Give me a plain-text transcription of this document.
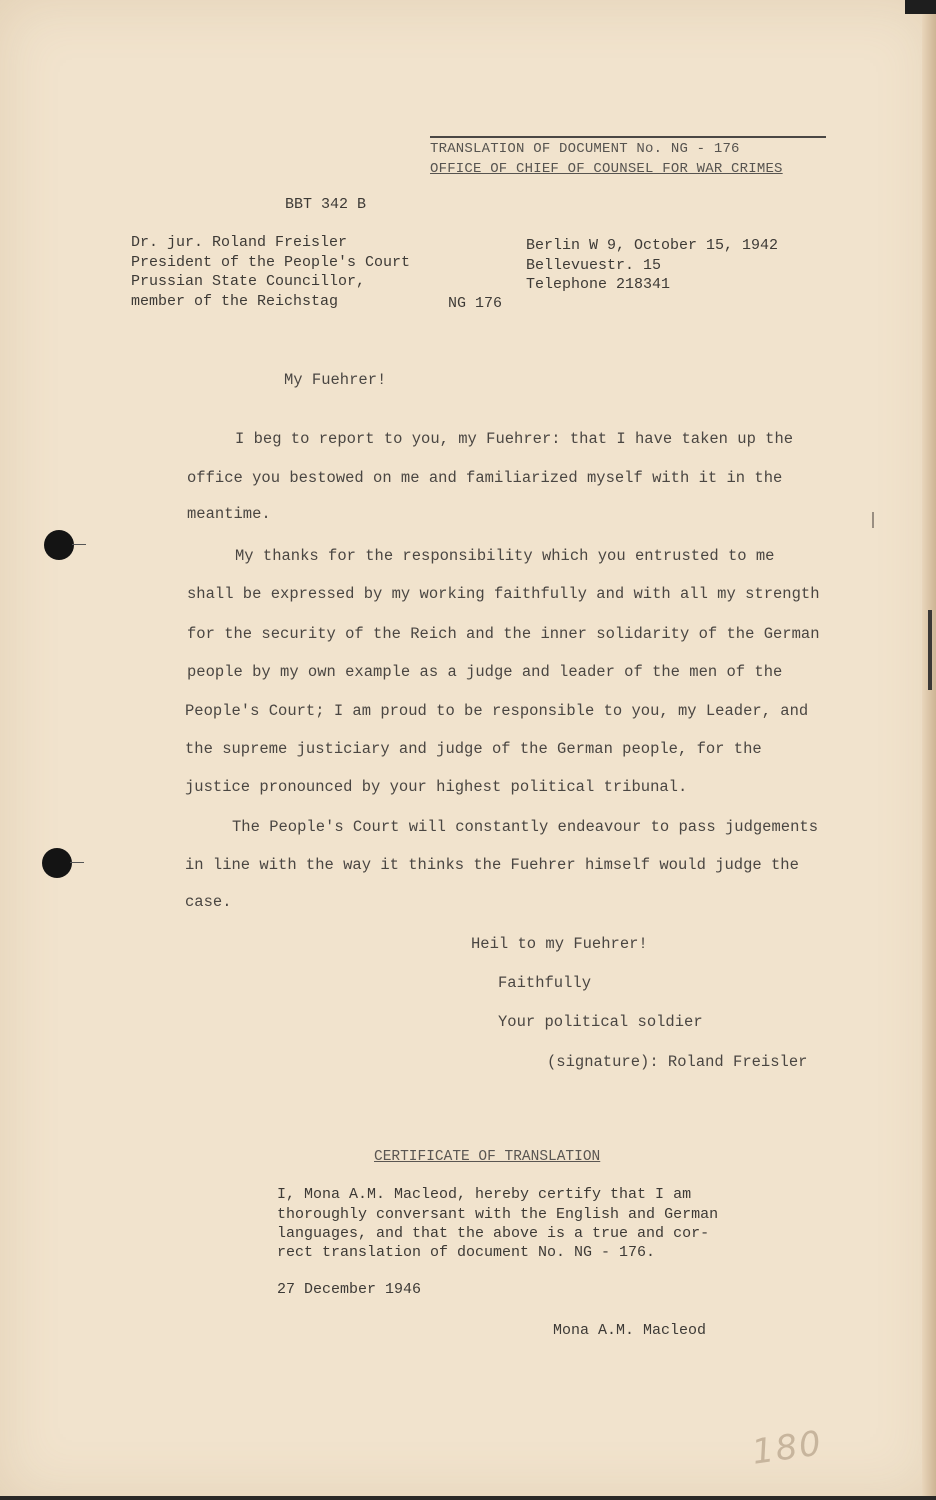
TRANSLATION OF DOCUMENT No. NG - 176
OFFICE OF CHIEF OF COUNSEL FOR WAR CRIMES
BBT 342 B
Dr. jur. Roland Freisler
President of the People's Court
Prussian State Councillor,
member of the Reichstag	NG 176
Berlin W 9, October 15, 1942
Bellevuestr. 15
Telephone 218341
My Fuehrer!
I beg to report to you, my Fuehrer: that I have taken up the
office you bestowed on me and familiarized myself with it in the
meantime.
My thanks for the responsibility which you entrusted to me
shall be expressed by my working faithfully and with all my strength
for the security of the Reich and the inner solidarity of the German
people by my own example as a judge and leader of the men of the
People's Court; I am proud to be responsible to you, my Leader, and
the supreme justiciary and judge of the German people, for the
justice pronounced by your highest political tribunal.
The People's Court will constantly endeavour to pass judgements
in line with the way it thinks the Fuehrer himself would judge the
case.
Heil to my Fuehrer!
Faithfully
Your political soldier
(signature): Roland Freisler
CERTIFICATE OF TRANSLATION
I, Mona A.M. Macleod, hereby certify that I am
thoroughly conversant with the English and German
languages, and that the above is a true and cor-
rect translation of document No. NG - 176.
27 December 1946
Mona A.M. Macleod
180
